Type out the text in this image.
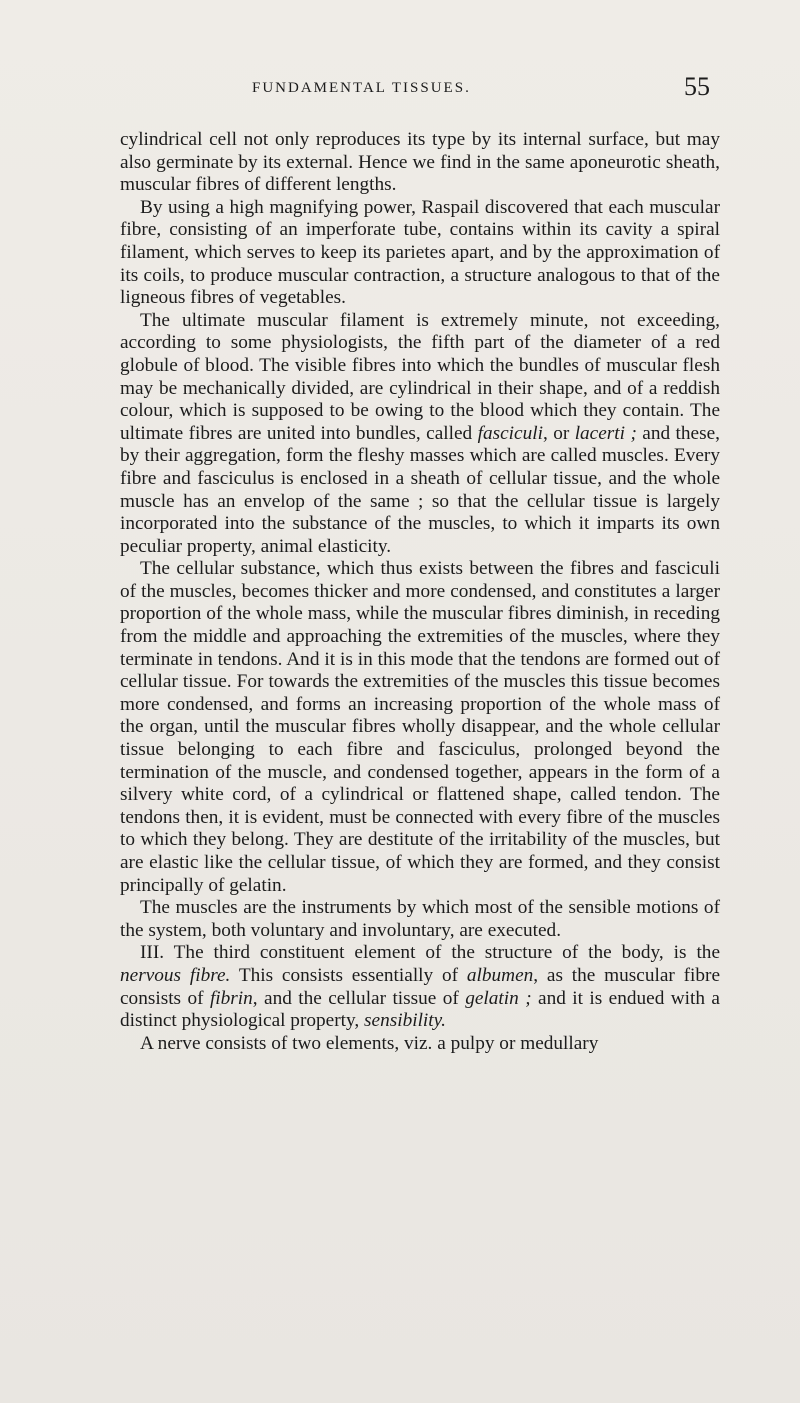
FUNDAMENTAL TISSUES.	55

cylindrical cell not only reproduces its type by its internal surface, but may also germinate by its external. Hence we find in the same aponeurotic sheath, muscular fibres of different lengths.

By using a high magnifying power, Raspail discovered that each muscular fibre, consisting of an imperforate tube, contains within its cavity a spiral filament, which serves to keep its parietes apart, and by the approximation of its coils, to produce muscular contraction, a structure analogous to that of the ligneous fibres of vegetables.

The ultimate muscular filament is extremely minute, not exceeding, according to some physiologists, the fifth part of the diameter of a red globule of blood. The visible fibres into which the bundles of muscular flesh may be mechanically divided, are cylindrical in their shape, and of a reddish colour, which is supposed to be owing to the blood which they contain. The ultimate fibres are united into bundles, called fasciculi, or lacerti ; and these, by their aggregation, form the fleshy masses which are called muscles. Every fibre and fasciculus is enclosed in a sheath of cellular tissue, and the whole muscle has an envelop of the same ; so that the cellular tissue is largely incorporated into the substance of the muscles, to which it imparts its own peculiar property, animal elasticity.

The cellular substance, which thus exists between the fibres and fasciculi of the muscles, becomes thicker and more condensed, and constitutes a larger proportion of the whole mass, while the muscular fibres diminish, in receding from the middle and approaching the extremities of the muscles, where they terminate in tendons. And it is in this mode that the tendons are formed out of cellular tissue. For towards the extremities of the muscles this tissue becomes more condensed, and forms an increasing proportion of the whole mass of the organ, until the muscular fibres wholly disappear, and the whole cellular tissue belonging to each fibre and fasciculus, prolonged beyond the termination of the muscle, and condensed together, appears in the form of a silvery white cord, of a cylindrical or flattened shape, called tendon. The tendons then, it is evident, must be connected with every fibre of the muscles to which they belong. They are destitute of the irritability of the muscles, but are elastic like the cellular tissue, of which they are formed, and they consist principally of gelatin.

The muscles are the instruments by which most of the sensible motions of the system, both voluntary and involuntary, are executed.

III. The third constituent element of the structure of the body, is the nervous fibre. This consists essentially of albumen, as the muscular fibre consists of fibrin, and the cellular tissue of gelatin ; and it is endued with a distinct physiological property, sensibility.

A nerve consists of two elements, viz. a pulpy or medullary
